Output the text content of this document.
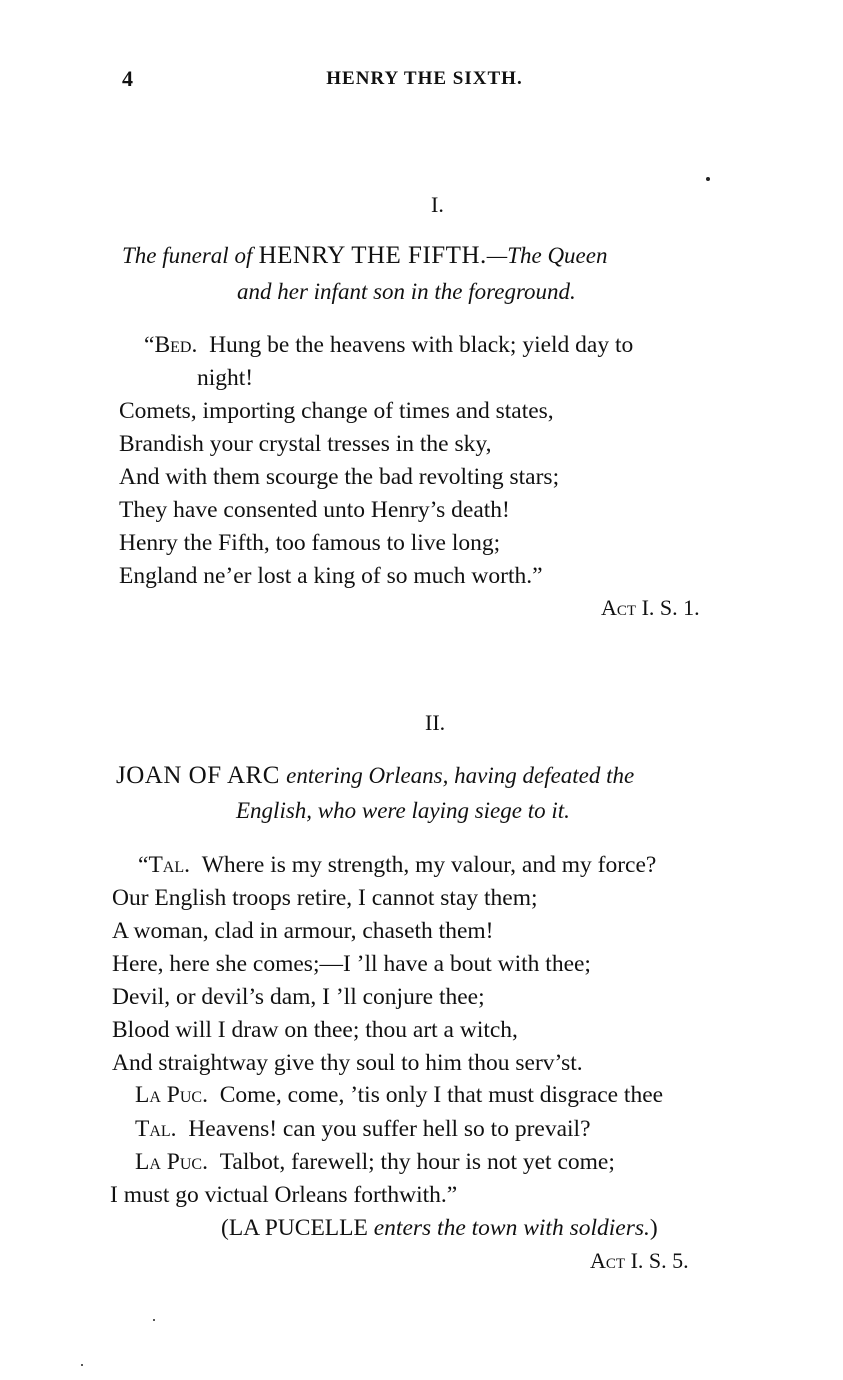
4	HENRY THE SIXTH.
I.
The funeral of HENRY THE FIFTH.—The Queen
and her infant son in the foreground.
“Bed. Hung be the heavens with black; yield day to
night!
Comets, importing change of times and states,
Brandish your crystal tresses in the sky,
And with them scourge the bad revolting stars;
They have consented unto Henry’s death!
Henry the Fifth, too famous to live long;
England ne’er lost a king of so much worth.”
Act I. S. 1.
II.
JOAN OF ARC entering Orleans, having defeated the
English, who were laying siege to it.
“Tal. Where is my strength, my valour, and my force?
Our English troops retire, I cannot stay them;
A woman, clad in armour, chaseth them!
Here, here she comes;—I ’ll have a bout with thee;
Devil, or devil’s dam, I ’ll conjure thee;
Blood will I draw on thee; thou art a witch,
And straightway give thy soul to him thou serv’st.
La Puc. Come, come, ’tis only I that must disgrace thee
Tal. Heavens! can you suffer hell so to prevail?
La Puc. Talbot, farewell; thy hour is not yet come;
I must go victual Orleans forthwith.”
(LA PUCELLE enters the town with soldiers.)
Act I. S. 5.
